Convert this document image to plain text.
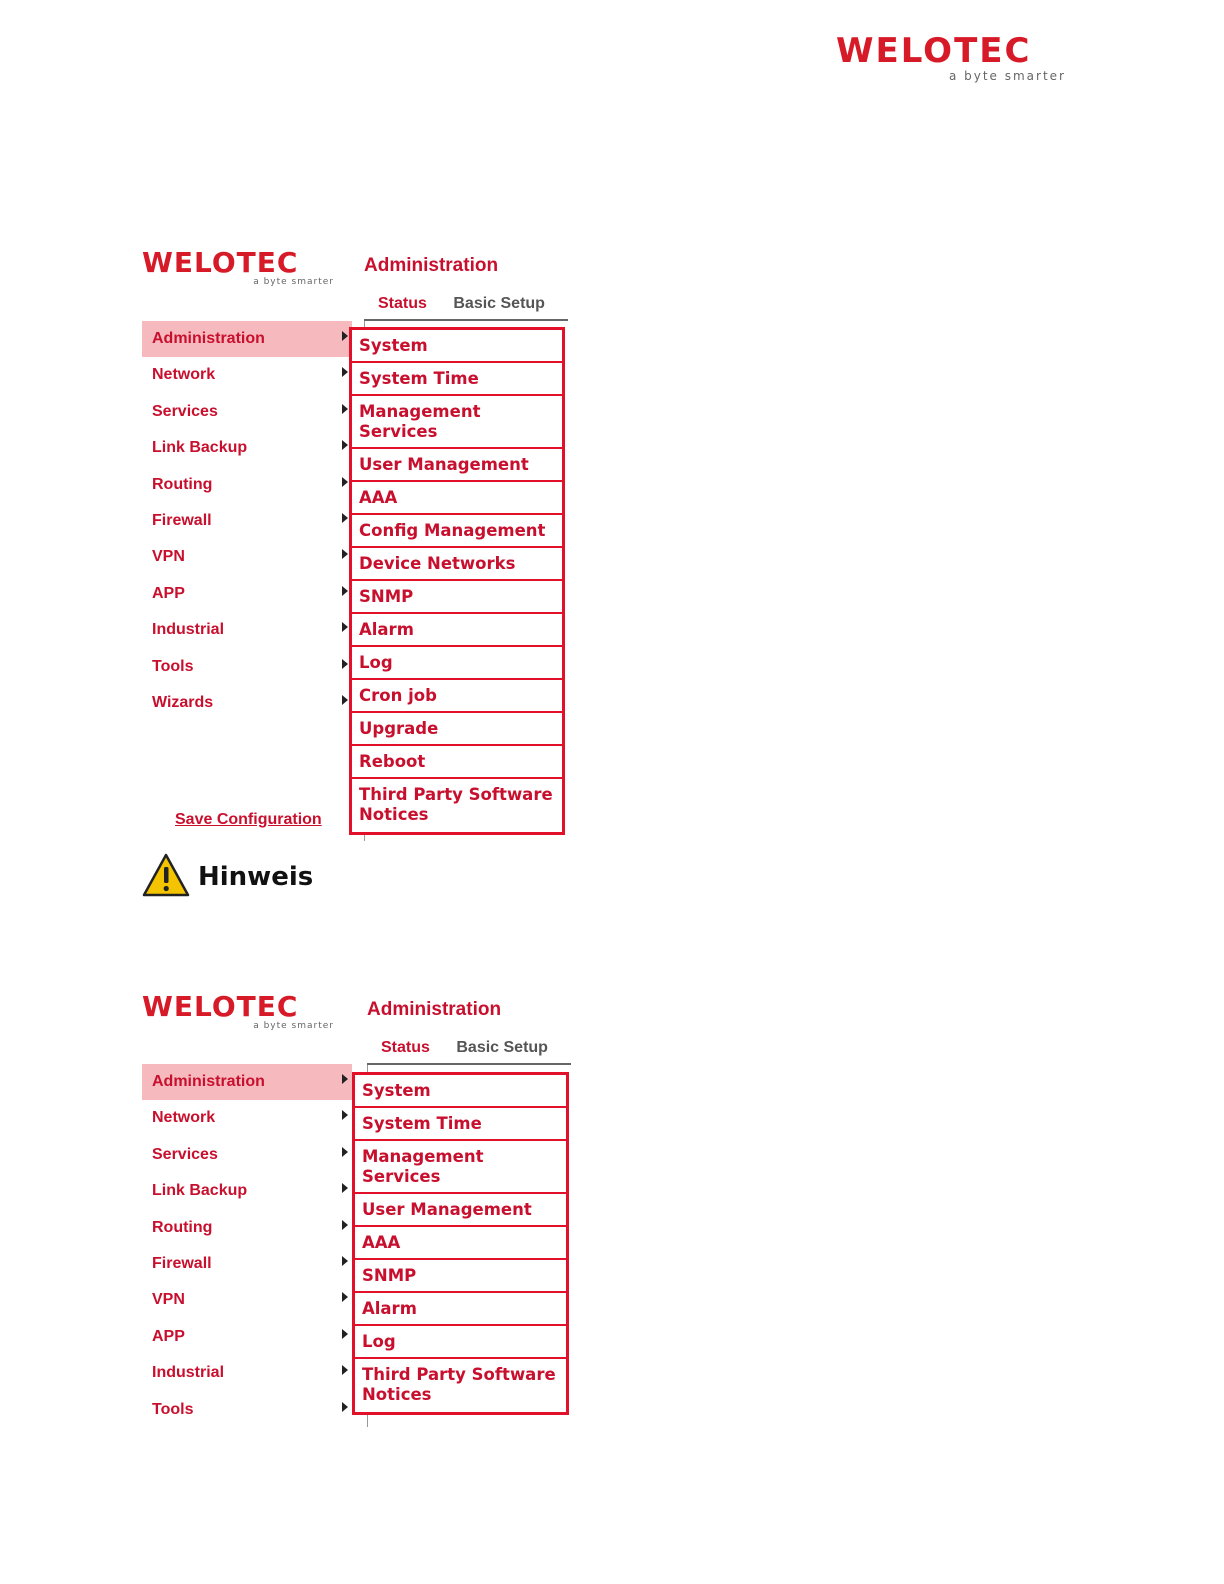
WELOTEC
a byte smarter
WELOTEC
a byte smarter
Administration
Status Basic Setup
Administration
Network
Services
Link Backup
Routing
Firewall
VPN
APP
Industrial
Tools
Wizards
Save Configuration
System
System Time
Management Services
User Management
AAA
Config Management
Device Networks
SNMP
Alarm
Log
Cron job
Upgrade
Reboot
Third Party Software Notices
Hinweis
WELOTEC
a byte smarter
Administration
Status Basic Setup
Administration
Network
Services
Link Backup
Routing
Firewall
VPN
APP
Industrial
Tools
System
System Time
Management Services
User Management
AAA
SNMP
Alarm
Log
Third Party Software Notices
